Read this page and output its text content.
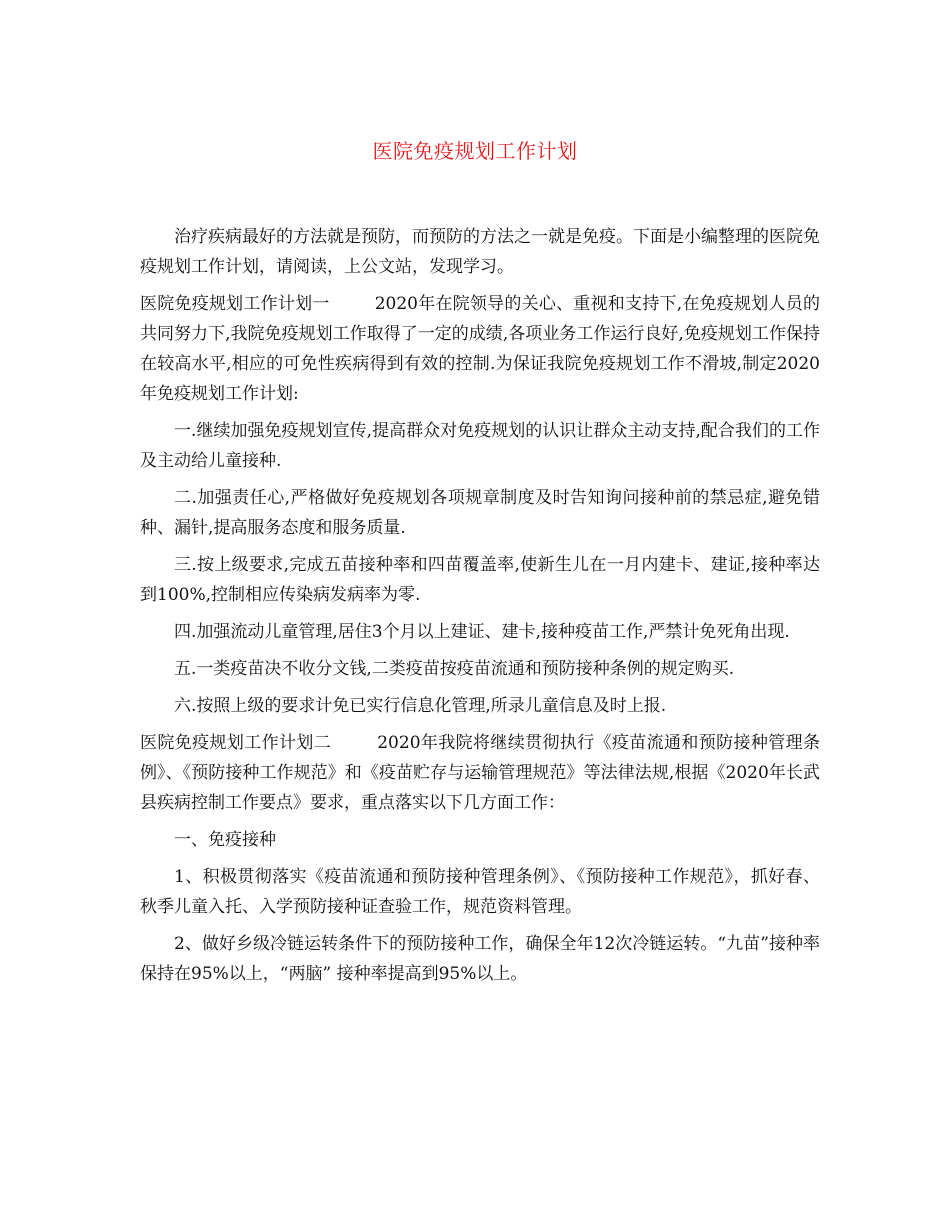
医院免疫规划工作计划

治疗疾病最好的方法就是预防，而预防的方法之一就是免疫。下面是小编整理的医院免疫规划工作计划，请阅读，上公文站，发现学习。

医院免疫规划工作计划一        2020年在院领导的关心、重视和支持下,在免疫规划人员的共同努力下,我院免疫规划工作取得了一定的成绩,各项业务工作运行良好,免疫规划工作保持在较高水平,相应的可免性疾病得到有效的控制.为保证我院免疫规划工作不滑坡,制定2020年免疫规划工作计划:

一.继续加强免疫规划宣传,提高群众对免疫规划的认识让群众主动支持,配合我们的工作及主动给儿童接种.

二.加强责任心,严格做好免疫规划各项规章制度及时告知询问接种前的禁忌症,避免错种、漏针,提高服务态度和服务质量.

三.按上级要求,完成五苗接种率和四苗覆盖率,使新生儿在一月内建卡、建证,接种率达到100%,控制相应传染病发病率为零.

四.加强流动儿童管理,居住3个月以上建证、建卡,接种疫苗工作,严禁计免死角出现.

五.一类疫苗决不收分文钱,二类疫苗按疫苗流通和预防接种条例的规定购买.

六.按照上级的要求计免已实行信息化管理,所录儿童信息及时上报.

医院免疫规划工作计划二        2020年我院将继续贯彻执行《疫苗流通和预防接种管理条例》、《预防接种工作规范》和《疫苗贮存与运输管理规范》等法律法规,根据《2020年长武县疾病控制工作要点》要求，重点落实以下几方面工作：

一、免疫接种

1、积极贯彻落实《疫苗流通和预防接种管理条例》、《预防接种工作规范》，抓好春、秋季儿童入托、入学预防接种证查验工作，规范资料管理。

2、做好乡级冷链运转条件下的预防接种工作，确保全年12次冷链运转。“九苗”接种率保持在95%以上，“两脑” 接种率提高到95%以上。
